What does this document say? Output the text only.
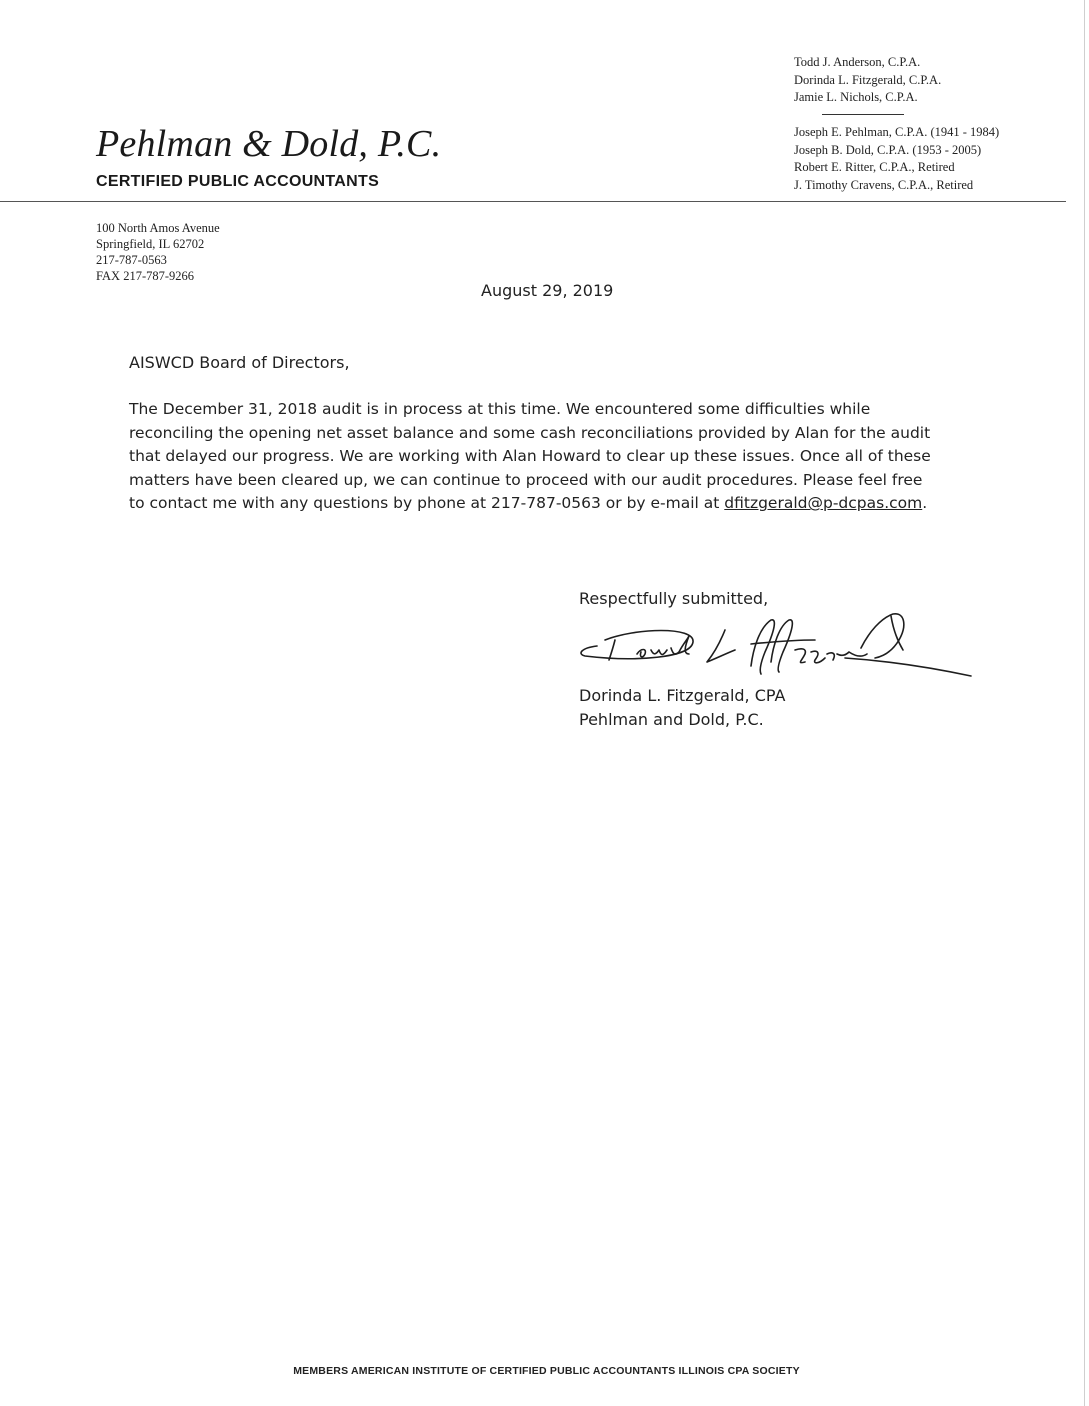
Todd J. Anderson, C.P.A.
Dorinda L. Fitzgerald, C.P.A.
Jamie L. Nichols, C.P.A.
Joseph E. Pehlman, C.P.A. (1941 - 1984)
Joseph B. Dold, C.P.A. (1953 - 2005)
Robert E. Ritter, C.P.A., Retired
J. Timothy Cravens, C.P.A., Retired
Pehlman & Dold, P.C.
CERTIFIED PUBLIC ACCOUNTANTS
100 North Amos Avenue
Springfield, IL 62702
217-787-0563
FAX 217-787-9266
August 29, 2019
AISWCD Board of Directors,
The December 31, 2018 audit is in process at this time. We encountered some difficulties while
reconciling the opening net asset balance and some cash reconciliations provided by Alan for the audit
that delayed our progress. We are working with Alan Howard to clear up these issues. Once all of these
matters have been cleared up, we can continue to proceed with our audit procedures. Please feel free
to contact me with any questions by phone at 217-787-0563 or by e-mail at dfitzgerald@p-dcpas.com.
Respectfully submitted,
Dorinda L. Fitzgerald, CPA
Pehlman and Dold, P.C.
MEMBERS AMERICAN INSTITUTE OF CERTIFIED PUBLIC ACCOUNTANTS ILLINOIS CPA SOCIETY
